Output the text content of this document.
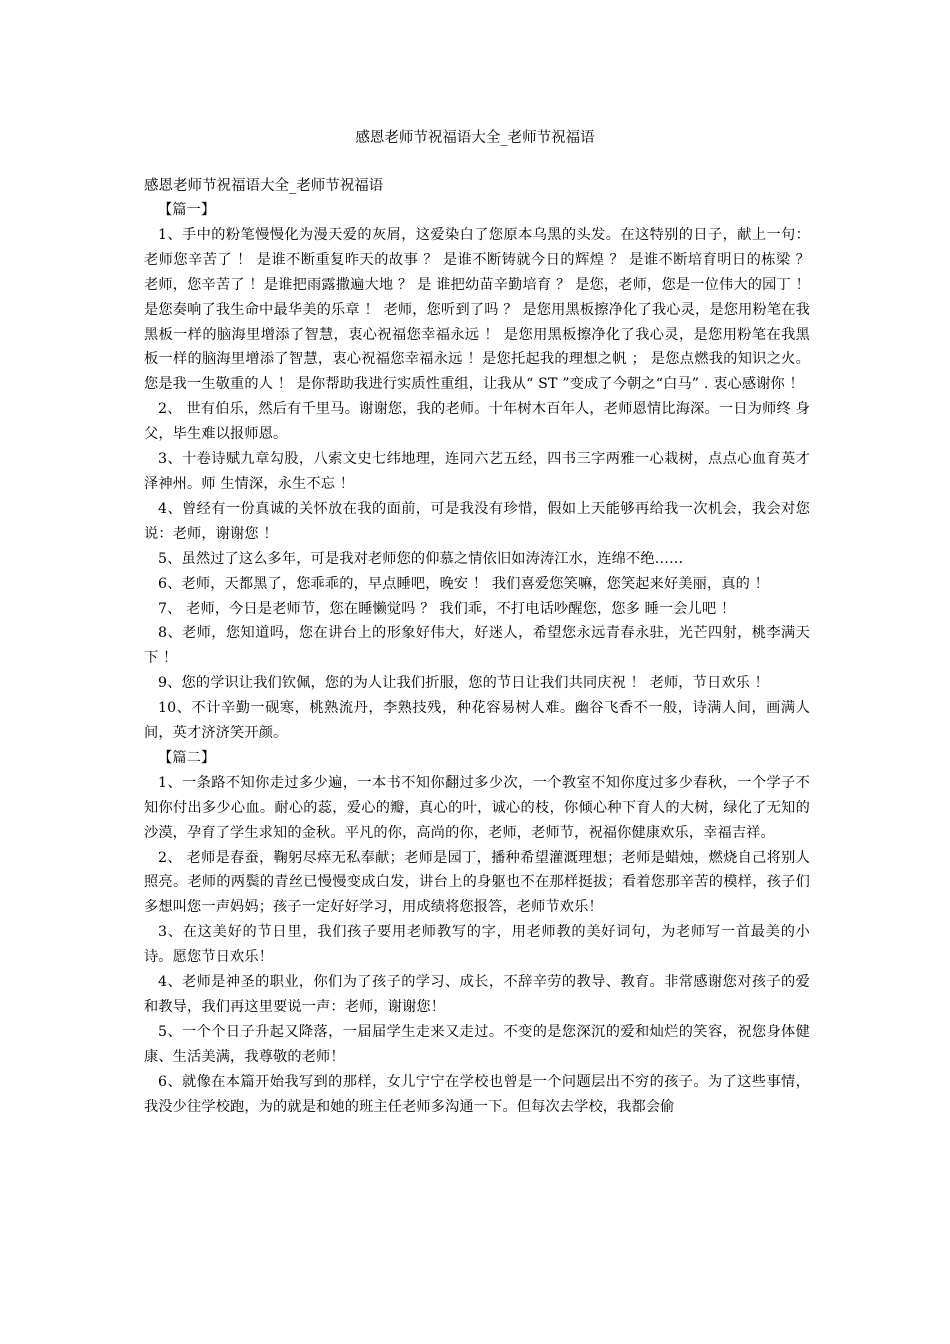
感恩老师节祝福语大全_老师节祝福语
感恩老师节祝福语大全_老师节祝福语

【篇一】

1、手中的粉笔慢慢化为漫天爱的灰屑，这爱染白了您原本乌黑的头发。在这特别的日子，献上一句：老师您辛苦了 ！ 是谁不断重复昨天的故事 ？ 是谁不断铸就今日的辉煌 ？ 是谁不断培育明日的栋梁 ？ 老师，您辛苦了 ！是谁把雨露撒遍大地 ？ 是 谁把幼苗辛勤培育 ？ 是您，老师，您是一位伟大的园丁 ！ 是您奏响了我生命中最华美的乐章 ！ 老师，您听到了吗 ？ 是您用黑板擦净化了我心灵，是您用粉笔在我黑板一样的脑海里增添了智慧，衷心祝福您幸福永远 ！ 是您用黑板擦净化了我心灵，是您用粉笔在我黑板一样的脑海里增添了智慧，衷心祝福您幸福永远 ！是您托起我的理想之帆 ； 是您点燃我的知识之火。您是我一生敬重的人 ！ 是你帮助我进行实质性重组，让我从“ ST ”变成了今朝之“白马” . 衷心感谢你 ！

2、 世有伯乐，然后有千里马。谢谢您，我的老师。十年树木百年人，老师恩情比海深。一日为师终 身父，毕生难以报师恩。

3、十卷诗赋九章勾股，八索文史七纬地理，连同六艺五经，四书三字两雅一心栽树，点点心血育英才泽神州。师 生情深，永生不忘 ！

4、曾经有一份真诚的关怀放在我的面前，可是我没有珍惜，假如上天能够再给我一次机会，我会对您说：老师，谢谢您 ！

5、虽然过了这么多年，可是我对老师您的仰慕之情依旧如涛涛江水，连绵不绝……

6、老师，天都黑了，您乖乖的，早点睡吧，晚安 ！ 我们喜爱您笑嘛，您笑起来好美丽，真的 ！

7、 老师，今日是老师节，您在睡懒觉吗 ？ 我们乖，不打电话吵醒您，您多 睡一会儿吧 ！

8、老师，您知道吗，您在讲台上的形象好伟大，好迷人，希望您永远青春永驻，光芒四射，桃李满天下 ！

9、您的学识让我们钦佩，您的为人让我们折服，您的节日让我们共同庆祝 ！ 老师，节日欢乐 ！

10、不计辛勤一砚寒，桃熟流丹，李熟技残，种花容易树人难。幽谷飞香不一般，诗满人间，画满人间，英才济济笑开颜。

【篇二】

1、一条路不知你走过多少遍，一本书不知你翻过多少次，一个教室不知你度过多少春秋，一个学子不知你付出多少心血。耐心的蕊，爱心的瓣，真心的叶，诚心的枝，你倾心种下育人的大树，绿化了无知的沙漠，孕育了学生求知的金秋。平凡的你，高尚的你，老师，老师节，祝福你健康欢乐，幸福吉祥。

2、 老师是春蚕，鞠躬尽瘁无私奉献；老师是园丁，播种希望灌溉理想；老师是蜡烛，燃烧自己将别人照亮。老师的两鬓的青丝已慢慢变成白发，讲台上的身躯也不在那样挺拔；看着您那辛苦的模样，孩子们多想叫您一声妈妈；孩子一定好好学习，用成绩将您报答，老师节欢乐！

3、在这美好的节日里，我们孩子要用老师教写的字，用老师教的美好词句，为老师写一首最美的小诗。愿您节日欢乐！

4、老师是神圣的职业，你们为了孩子的学习、成长，不辞辛劳的教导、教育。非常感谢您对孩子的爱和教导，我们再这里要说一声：老师，谢谢您！

5、一个个日子升起又降落，一届届学生走来又走过。不变的是您深沉的爱和灿烂的笑容，祝您身体健康、生活美满，我尊敬的老师！

6、就像在本篇开始我写到的那样，女儿宁宁在学校也曾是一个问题层出不穷的孩子。为了这些事情，我没少往学校跑，为的就是和她的班主任老师多沟通一下。但每次去学校，我都会偷
